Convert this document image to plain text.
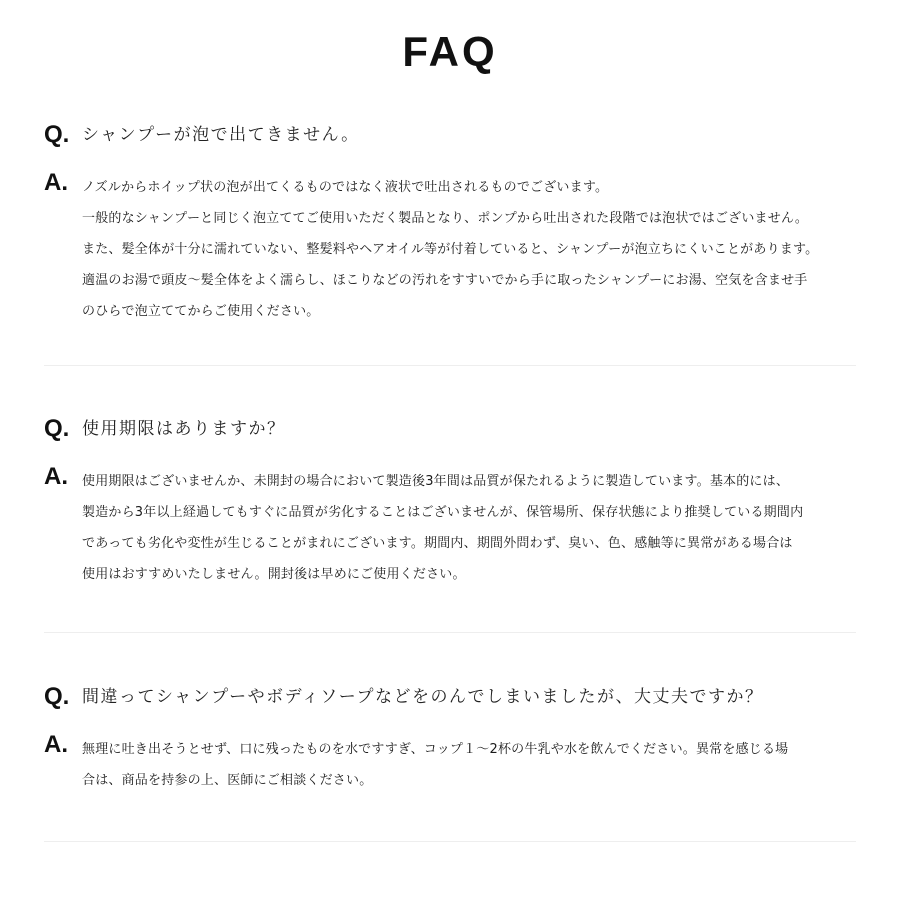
FAQ
Q. シャンプーが泡で出てきません。
A. ノズルからホイップ状の泡が出てくるものではなく液状で吐出されるものでございます。
一般的なシャンプーと同じく泡立ててご使用いただく製品となり、ポンプから吐出された段階では泡状ではございません。
また、髪全体が十分に濡れていない、整髪料やヘアオイル等が付着していると、シャンプーが泡立ちにくいことがあります。
適温のお湯で頭皮〜髪全体をよく濡らし、ほこりなどの汚れをすすいでから手に取ったシャンプーにお湯、空気を含ませ手
のひらで泡立ててからご使用ください。
Q. 使用期限はありますか？
A. 使用期限はございませんか、未開封の場合において製造後3年間は品質が保たれるように製造しています。基本的には、
製造から3年以上経過してもすぐに品質が劣化することはございませんが、保管場所、保存状態により推奨している期間内
であっても劣化や変性が生じることがまれにございます。期間内、期間外問わず、臭い、色、感触等に異常がある場合は
使用はおすすめいたしません。開封後は早めにご使用ください。
Q. 間違ってシャンプーやボディソープなどをのんでしまいましたが、大丈夫ですか？
A. 無理に吐き出そうとせず、口に残ったものを水ですすぎ、コップ１〜2杯の牛乳や水を飲んでください。異常を感じる場
合は、商品を持参の上、医師にご相談ください。
